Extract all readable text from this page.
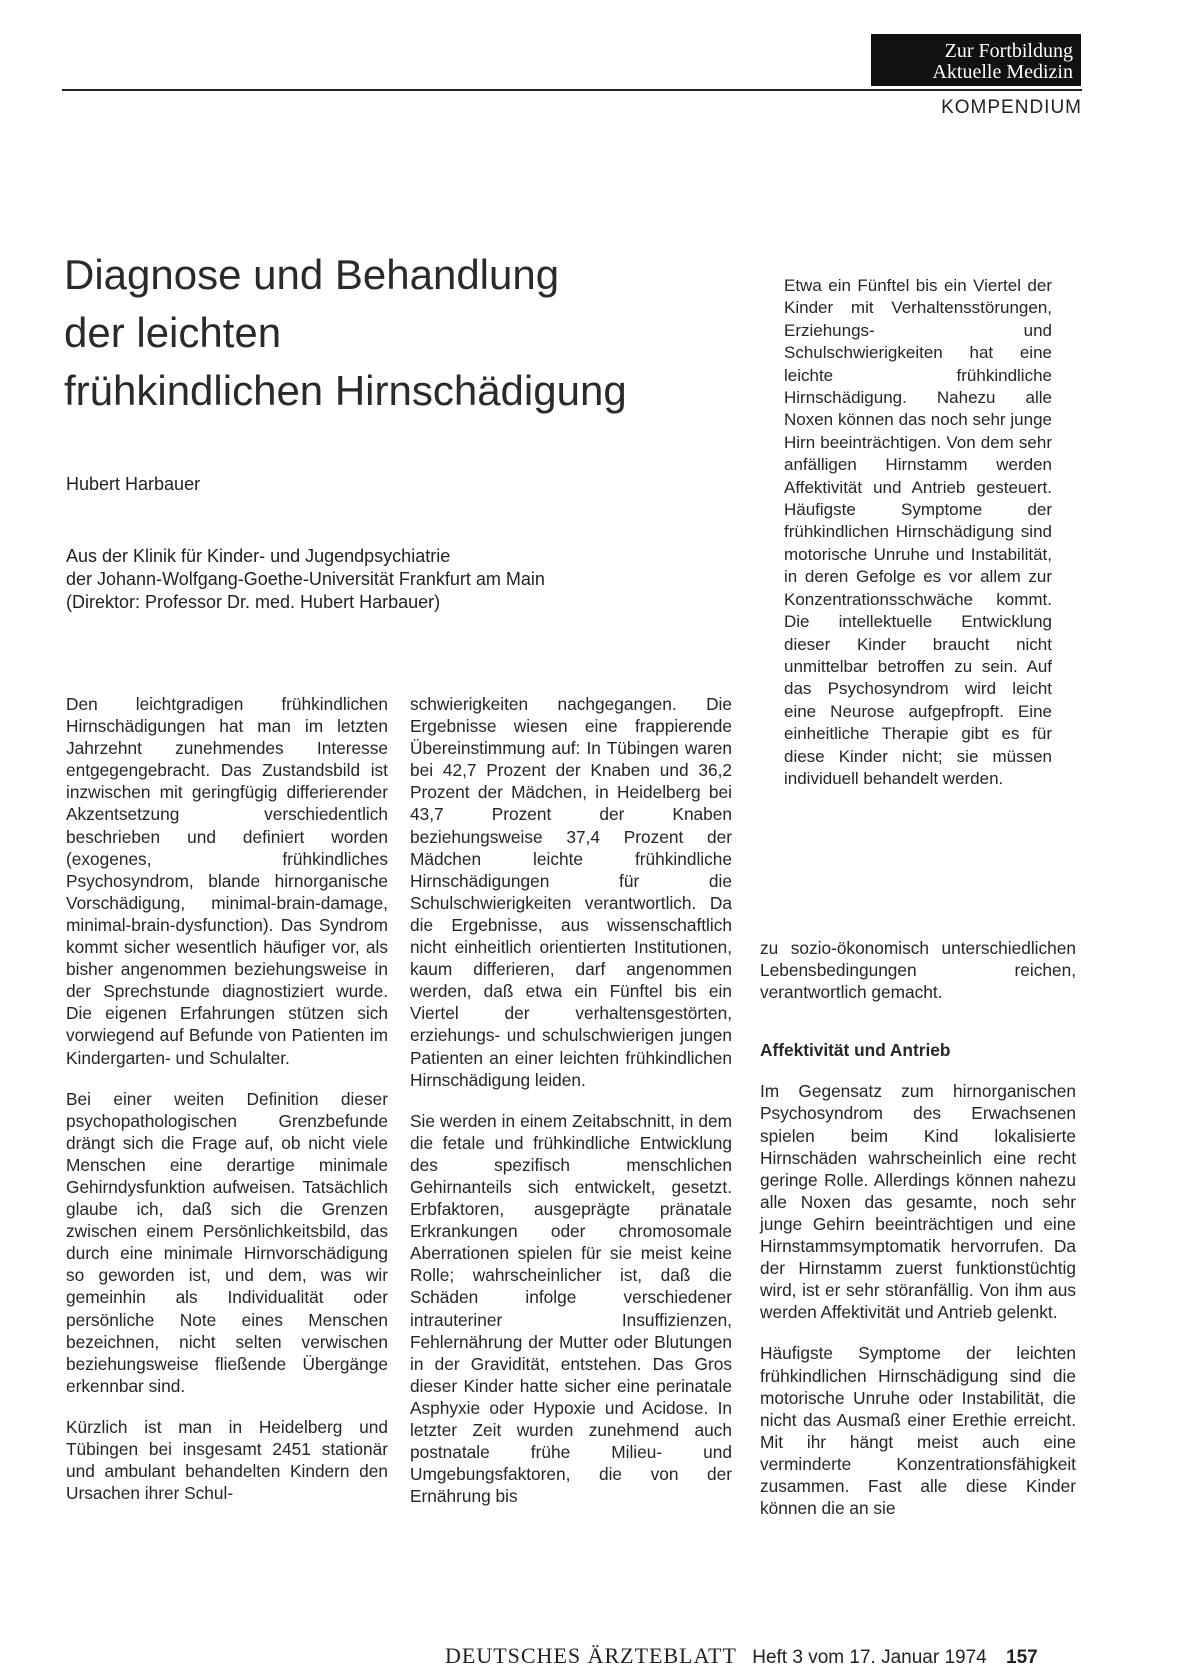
Zur Fortbildung
Aktuelle Medizin
KOMPENDIUM
Diagnose und Behandlung
der leichten
frühkindlichen Hirnschädigung
Hubert Harbauer
Aus der Klinik für Kinder- und Jugendpsychiatrie
der Johann-Wolfgang-Goethe-Universität Frankfurt am Main
(Direktor: Professor Dr. med. Hubert Harbauer)
Etwa ein Fünftel bis ein Viertel der Kinder mit Verhaltensstörungen, Erziehungs- und Schulschwierigkeiten hat eine leichte frühkindliche Hirnschädigung. Nahezu alle Noxen können das noch sehr junge Hirn beeinträchtigen. Von dem sehr anfälligen Hirnstamm werden Affektivität und Antrieb gesteuert. Häufigste Symptome der frühkindlichen Hirnschädigung sind motorische Unruhe und Instabilität, in deren Gefolge es vor allem zur Konzentrationsschwäche kommt. Die intellektuelle Entwicklung dieser Kinder braucht nicht unmittelbar betroffen zu sein. Auf das Psychosyndrom wird leicht eine Neurose aufgepfropft. Eine einheitliche Therapie gibt es für diese Kinder nicht; sie müssen individuell behandelt werden.

Den leichtgradigen frühkindlichen Hirnschädigungen hat man im letzten Jahrzehnt zunehmendes Interesse entgegengebracht. Das Zustandsbild ist inzwischen mit geringfügig differierender Akzentsetzung verschiedentlich beschrieben und definiert worden (exogenes, frühkindliches Psychosyndrom, blande hirnorganische Vorschädigung, minimal-brain-damage, minimal-brain-dysfunction). Das Syndrom kommt sicher wesentlich häufiger vor, als bisher angenommen beziehungsweise in der Sprechstunde diagnostiziert wurde. Die eigenen Erfahrungen stützen sich vorwiegend auf Befunde von Patienten im Kindergarten- und Schulalter.

Bei einer weiten Definition dieser psychopathologischen Grenzbefunde drängt sich die Frage auf, ob nicht viele Menschen eine derartige minimale Gehirndysfunktion aufweisen. Tatsächlich glaube ich, daß sich die Grenzen zwischen einem Persönlichkeitsbild, das durch eine minimale Hirnvorschädigung so geworden ist, und dem, was wir gemeinhin als Individualität oder persönliche Note eines Menschen bezeichnen, nicht selten verwischen beziehungsweise fließende Übergänge erkennbar sind.

Kürzlich ist man in Heidelberg und Tübingen bei insgesamt 2451 stationär und ambulant behandelten Kindern den Ursachen ihrer Schul-

schwierigkeiten nachgegangen. Die Ergebnisse wiesen eine frappierende Übereinstimmung auf: In Tübingen waren bei 42,7 Prozent der Knaben und 36,2 Prozent der Mädchen, in Heidelberg bei 43,7 Prozent der Knaben beziehungsweise 37,4 Prozent der Mädchen leichte frühkindliche Hirnschädigungen für die Schulschwierigkeiten verantwortlich. Da die Ergebnisse, aus wissenschaftlich nicht einheitlich orientierten Institutionen, kaum differieren, darf angenommen werden, daß etwa ein Fünftel bis ein Viertel der verhaltensgestörten, erziehungs- und schulschwierigen jungen Patienten an einer leichten frühkindlichen Hirnschädigung leiden.

Sie werden in einem Zeitabschnitt, in dem die fetale und frühkindliche Entwicklung des spezifisch menschlichen Gehirnanteils sich entwickelt, gesetzt. Erbfaktoren, ausgeprägte pränatale Erkrankungen oder chromosomale Aberrationen spielen für sie meist keine Rolle; wahrscheinlicher ist, daß die Schäden infolge verschiedener intrauteriner Insuffizienzen, Fehlernährung der Mutter oder Blutungen in der Gravidität, entstehen. Das Gros dieser Kinder hatte sicher eine perinatale Asphyxie oder Hypoxie und Acidose. In letzter Zeit wurden zunehmend auch postnatale frühe Milieu- und Umgebungsfaktoren, die von der Ernährung bis

zu sozio-ökonomisch unterschiedlichen Lebensbedingungen reichen, verantwortlich gemacht.

Affektivität und Antrieb

Im Gegensatz zum hirnorganischen Psychosyndrom des Erwachsenen spielen beim Kind lokalisierte Hirnschäden wahrscheinlich eine recht geringe Rolle. Allerdings können nahezu alle Noxen das gesamte, noch sehr junge Gehirn beeinträchtigen und eine Hirnstammsymptomatik hervorrufen. Da der Hirnstamm zuerst funktionstüchtig wird, ist er sehr störanfällig. Von ihm aus werden Affektivität und Antrieb gelenkt.

Häufigste Symptome der leichten frühkindlichen Hirnschädigung sind die motorische Unruhe oder Instabilität, die nicht das Ausmaß einer Erethie erreicht. Mit ihr hängt meist auch eine verminderte Konzentrationsfähigkeit zusammen. Fast alle diese Kinder können die an sie

DEUTSCHES ÄRZTEBLATT Heft 3 vom 17. Januar 1974 157
